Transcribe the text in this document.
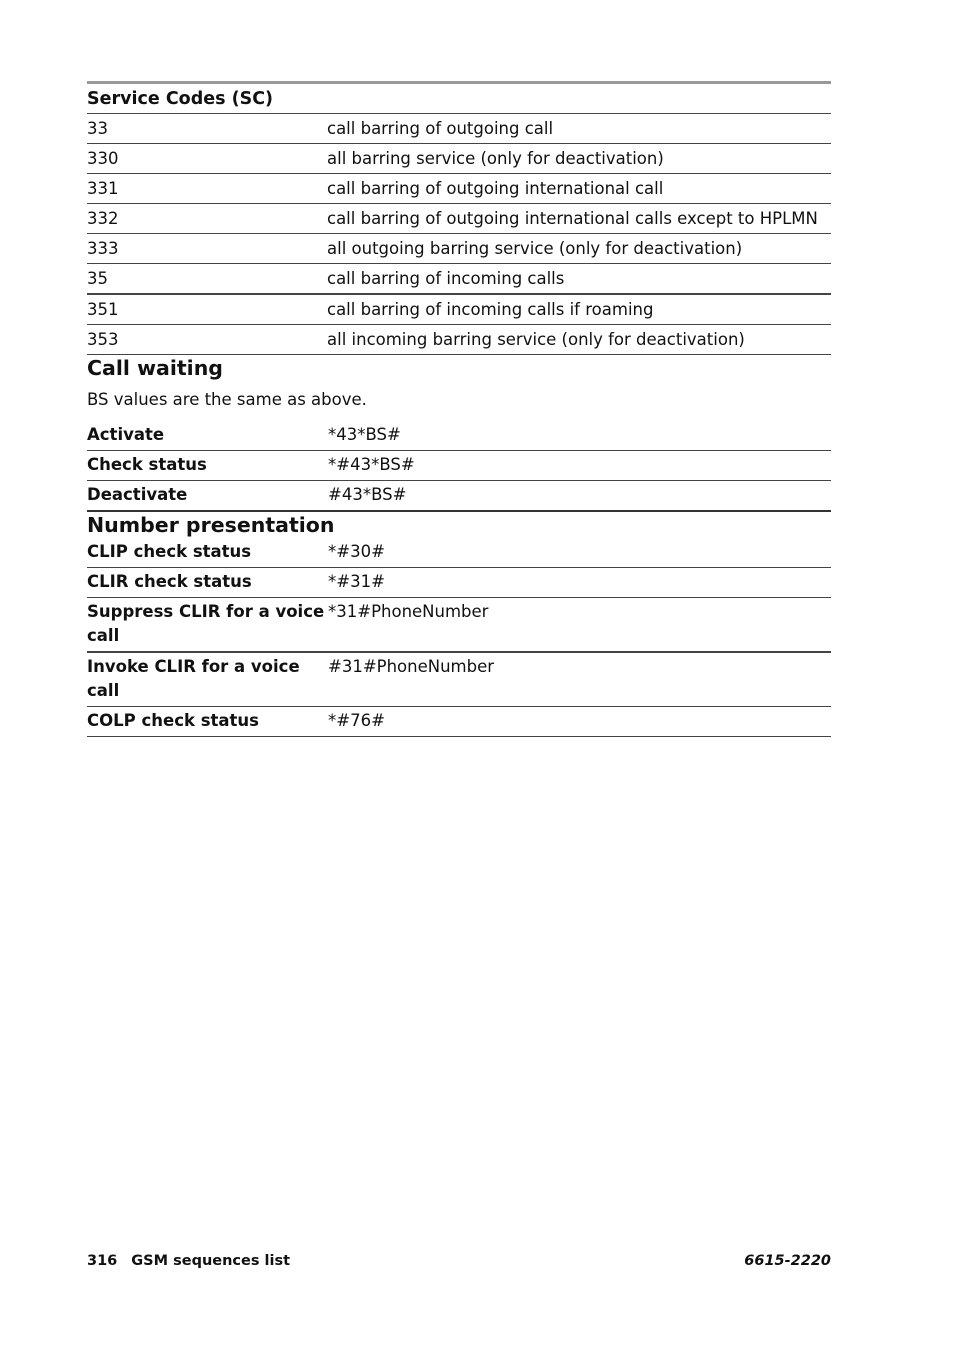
Service Codes (SC)	
33	call barring of outgoing call
330	all barring service (only for deactivation)
331	call barring of outgoing international call
332	call barring of outgoing international calls except to HPLMN
333	all outgoing barring service (only for deactivation)
35	call barring of incoming calls
351	call barring of incoming calls if roaming
353	all incoming barring service (only for deactivation)
Call waiting

BS values are the same as above.

Activate	*43*BS#
Check status	*#43*BS#
Deactivate	#43*BS#
Number presentation
CLIP check status	*#30#
CLIR check status	*#31#
Suppress CLIR for a voice call	*31#PhoneNumber
Invoke CLIR for a voice call	#31#PhoneNumber
COLP check status	*#76#
316 GSM sequences list	6615-2220
